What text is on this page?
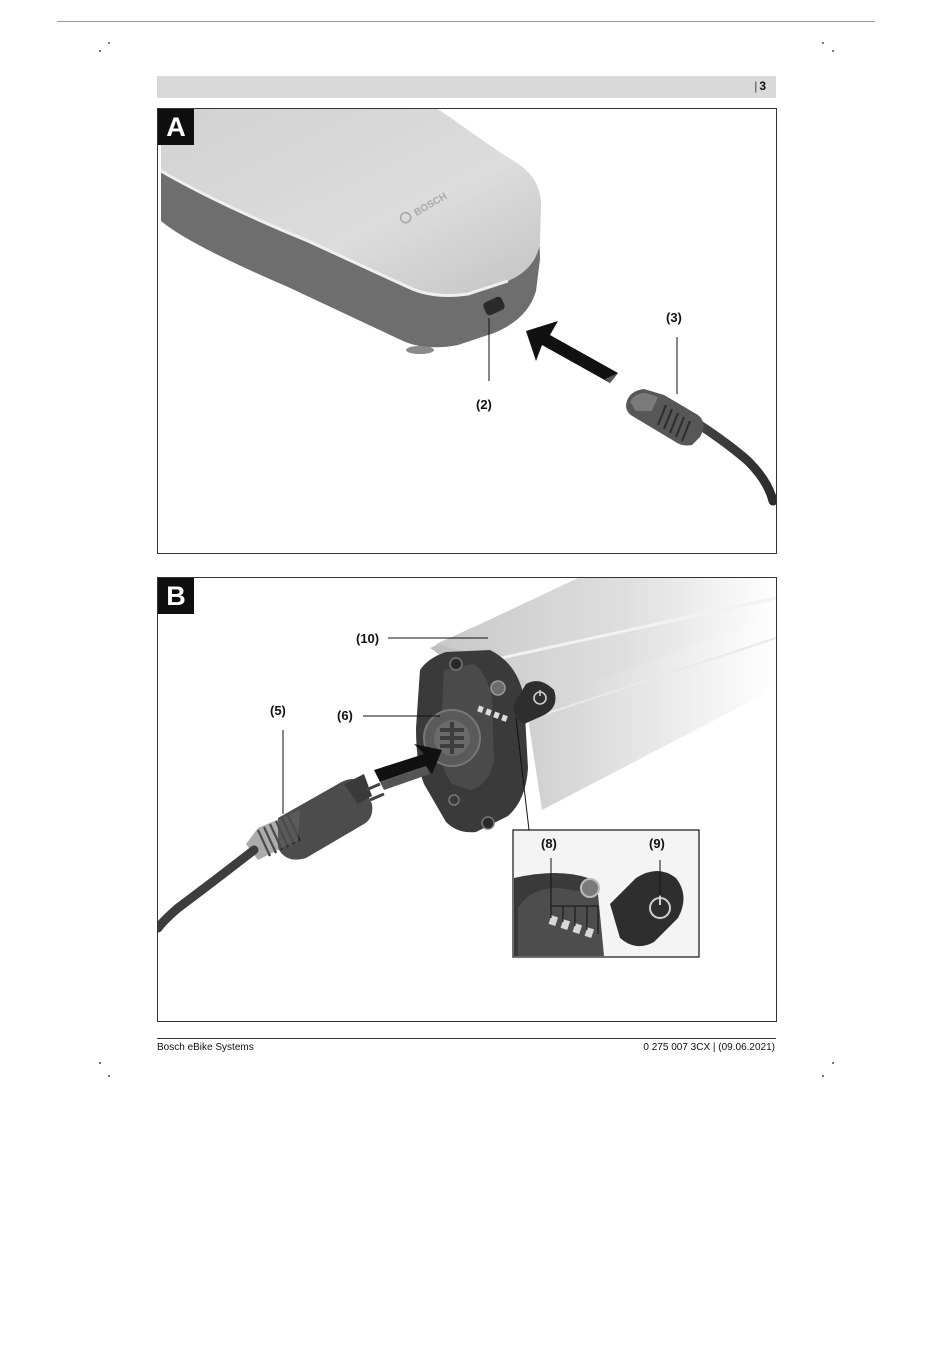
| 3
A
BOSCH
(2)
(3)
B
(10)
(5)	(6)
(8)	(9)
Bosch eBike Systems	0 275 007 3CX | (09.06.2021)
